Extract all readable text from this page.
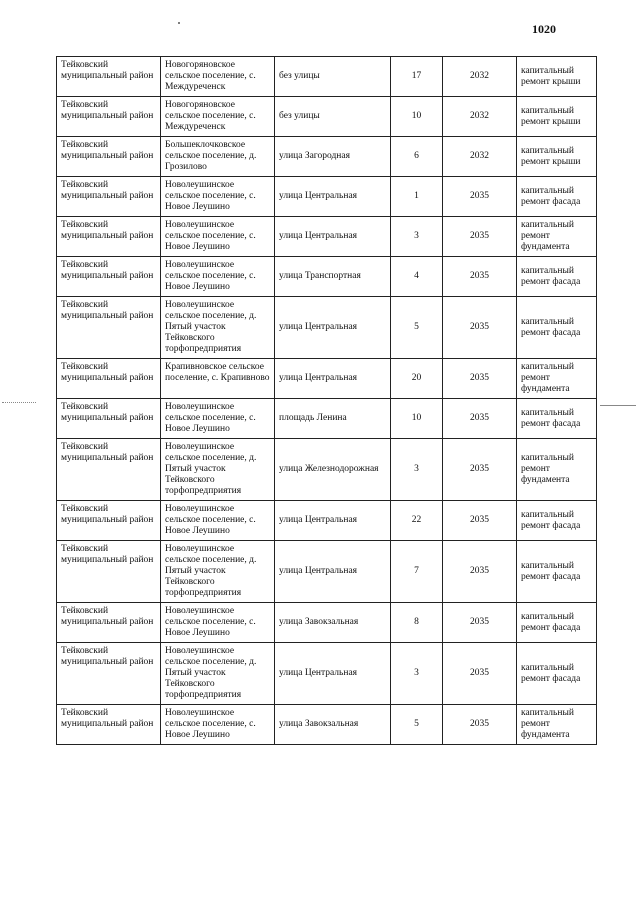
1020
Тейковский муниципальный район	Новогоряновское сельское поселение, с. Междуреченск	без улицы	17	2032	капитальный ремонт крыши
Тейковский муниципальный район	Новогоряновское сельское поселение, с. Междуреченск	без улицы	10	2032	капитальный ремонт крыши
Тейковский муниципальный район	Большеклочковское сельское поселение, д. Грозилово	улица Загородная	6	2032	капитальный ремонт крыши
Тейковский муниципальный район	Новолеушинское сельское поселение, с. Новое Леушино	улица Центральная	1	2035	капитальный ремонт фасада
Тейковский муниципальный район	Новолеушинское сельское поселение, с. Новое Леушино	улица Центральная	3	2035	капитальный ремонт фундамента
Тейковский муниципальный район	Новолеушинское сельское поселение, с. Новое Леушино	улица Транспортная	4	2035	капитальный ремонт фасада
Тейковский муниципальный район	Новолеушинское сельское поселение, д. Пятый участок Тейковского торфопредприятия	улица Центральная	5	2035	капитальный ремонт фасада
Тейковский муниципальный район	Крапивновское сельское поселение, с. Крапивново	улица Центральная	20	2035	капитальный ремонт фундамента
Тейковский муниципальный район	Новолеушинское сельское поселение, с. Новое Леушино	площадь Ленина	10	2035	капитальный ремонт фасада
Тейковский муниципальный район	Новолеушинское сельское поселение, д. Пятый участок Тейковского торфопредприятия	улица Железнодорожная	3	2035	капитальный ремонт фундамента
Тейковский муниципальный район	Новолеушинское сельское поселение, с. Новое Леушино	улица Центральная	22	2035	капитальный ремонт фасада
Тейковский муниципальный район	Новолеушинское сельское поселение, д. Пятый участок Тейковского торфопредприятия	улица Центральная	7	2035	капитальный ремонт фасада
Тейковский муниципальный район	Новолеушинское сельское поселение, с. Новое Леушино	улица Завокзальная	8	2035	капитальный ремонт фасада
Тейковский муниципальный район	Новолеушинское сельское поселение, д. Пятый участок Тейковского торфопредприятия	улица Центральная	3	2035	капитальный ремонт фасада
Тейковский муниципальный район	Новолеушинское сельское поселение, с. Новое Леушино	улица Завокзальная	5	2035	капитальный ремонт фундамента
